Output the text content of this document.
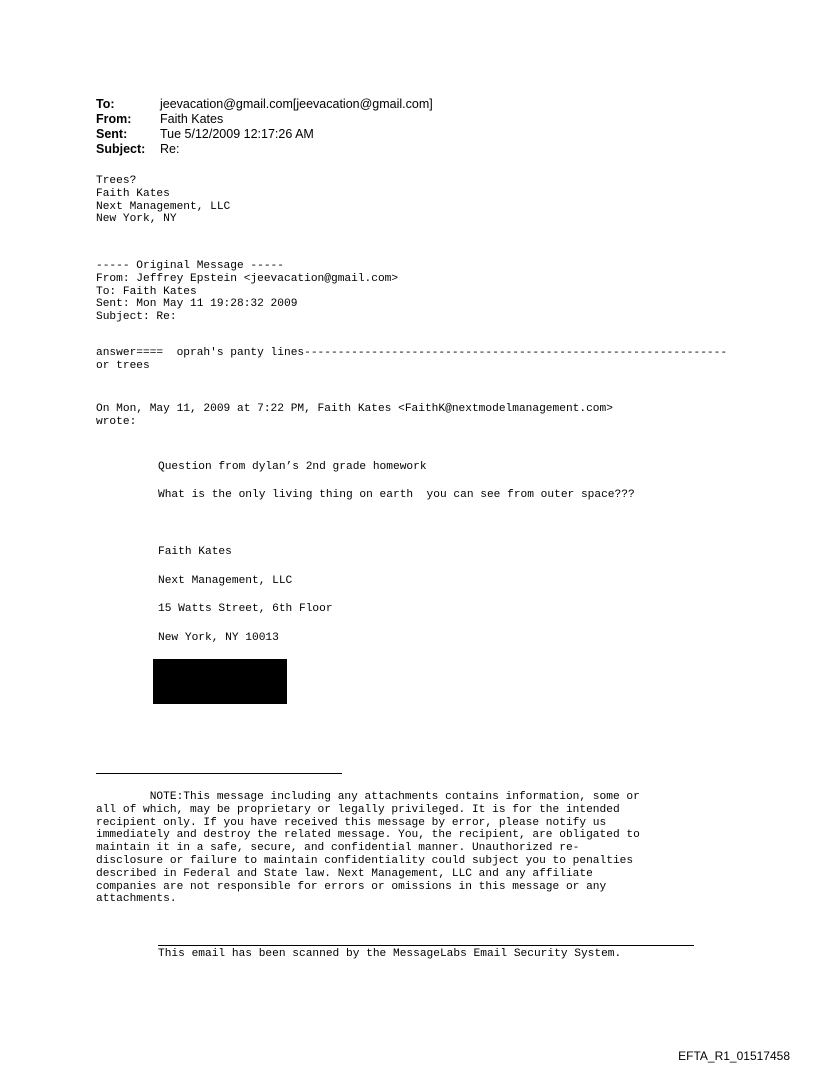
To:	jeevacation@gmail.com[jeevacation@gmail.com]
From:	Faith Kates
Sent:	Tue 5/12/2009 12:17:26 AM
Subject:	Re:
Trees?
Faith Kates
Next Management, LLC
New York, NY
----- Original Message -----
From: Jeffrey Epstein <jeevacation@gmail.com>
To: Faith Kates
Sent: Mon May 11 19:28:32 2009
Subject: Re:
answer====  oprah's panty lines---------------------------------------------------------------
or trees
On Mon, May 11, 2009 at 7:22 PM, Faith Kates <FaithK@nextmodelmanagement.com>
wrote:
Question from dylan’s 2nd grade homework
What is the only living thing on earth  you can see from outer space???
Faith Kates
Next Management, LLC
15 Watts Street, 6th Floor
New York, NY 10013
NOTE:This message including any attachments contains information, some or
all of which, may be proprietary or legally privileged. It is for the intended
recipient only. If you have received this message by error, please notify us
immediately and destroy the related message. You, the recipient, are obligated to
maintain it in a safe, secure, and confidential manner. Unauthorized re-
disclosure or failure to maintain confidentiality could subject you to penalties
described in Federal and State law. Next Management, LLC and any affiliate
companies are not responsible for errors or omissions in this message or any
attachments.
This email has been scanned by the MessageLabs Email Security System.
EFTA_R1_01517458
